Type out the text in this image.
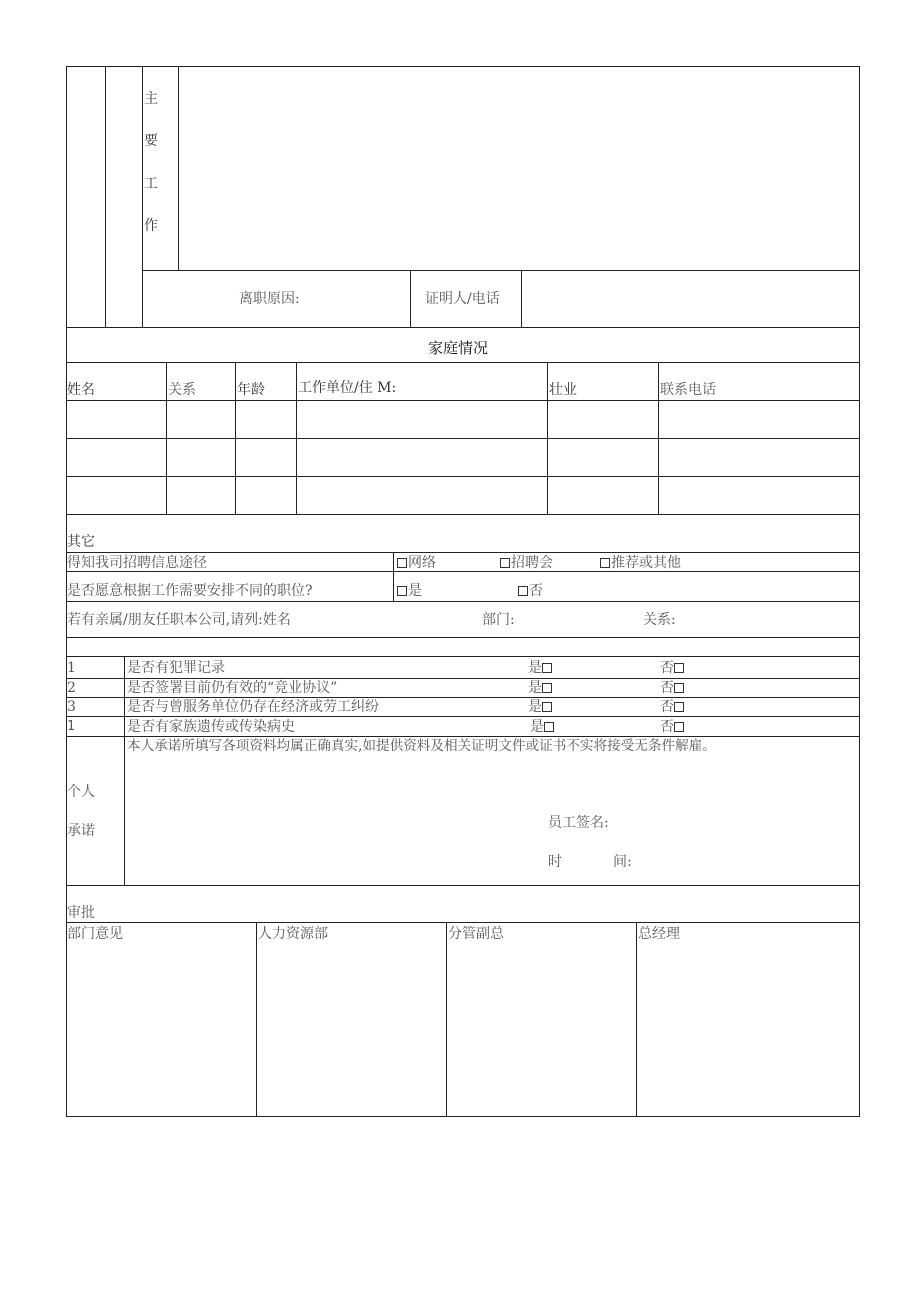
主
要
工
作
离职原因:	证明人/电话
家庭情况
姓名	关系	年龄 工作单位/住 M:	壮业	联系电话
其它
得知我司招聘信息途径	网络	招聘会	推荐或其他
是否愿意根据工作需要安排不同的职位?	是	否
若有亲属/朋友任职本公司,请列:姓名	部门:	关系:
1	是否有犯罪记录	是	否
2	是否签署目前仍有效的“竞业协议”	是	否
3	是否与曾服务单位仍存在经济或劳工纠纷	是	否
1	是否有家族遗传或传染病史	是	否
个人
承诺
本人承诺所填写各项资料均属正确真实,如提供资料及相关证明文件或证书不实将接受无条件解雇。
员工签名:
时	间:
审批
部门意见	人力资源部	分管副总	总经理
